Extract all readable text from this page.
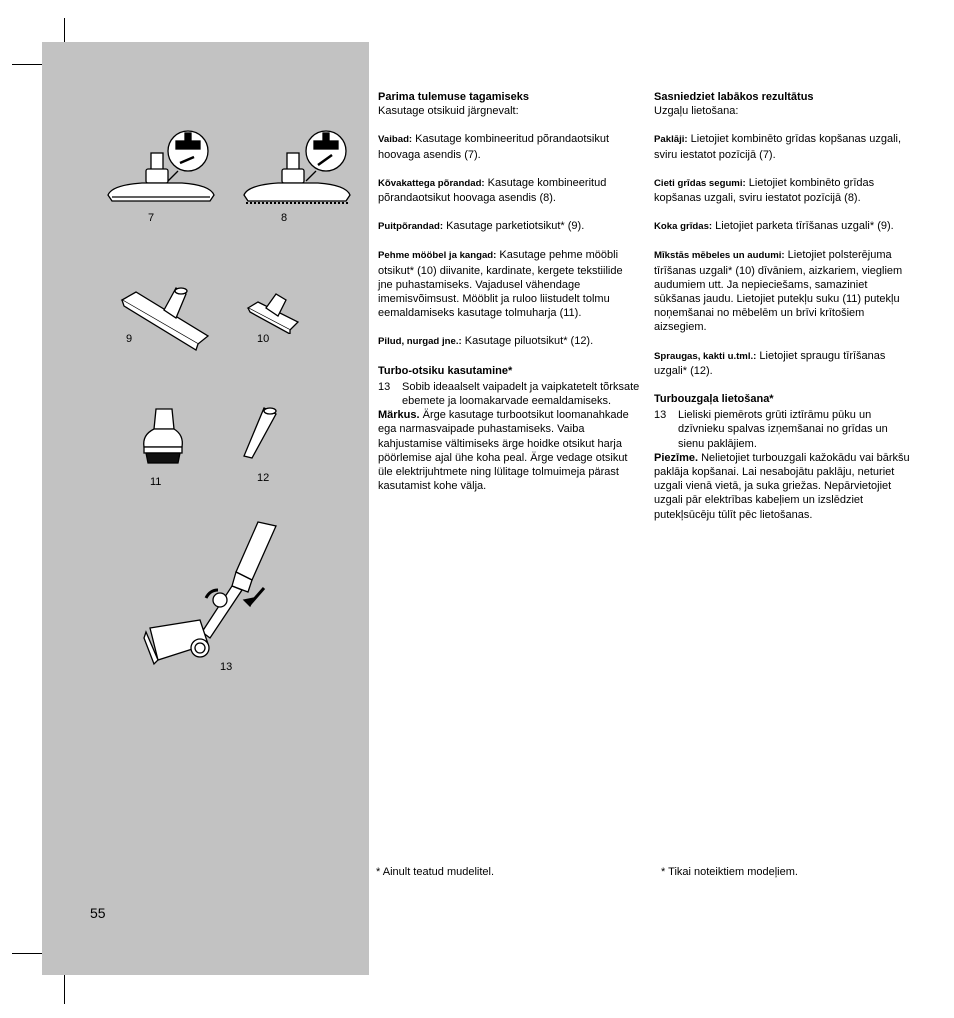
7	8
9	10
11	12
13
55
Parima tulemuse tagamiseks

Kasutage otsikuid järgnevalt:

Vaibad: Kasutage kombineeritud põrandaotsikut hoovaga asendis (7).

Kõvakattega põrandad: Kasutage kombineeritud põrandaotsikut hoovaga asendis (8).

Puitpõrandad: Kasutage parketiotsikut* (9).

Pehme mööbel ja kangad: Kasutage pehme mööbli otsikut* (10) diivanite, kardinate, kergete tekstiilide jne puhastamiseks. Vajadusel vähendage imemisvõimsust. Mööblit ja ruloo liistudelt tolmu eemaldamiseks kasutage tolmuharja (11).

Pilud, nurgad jne.: Kasutage piluotsikut* (12).

Turbo-otsiku kasutamine*
13	Sobib ideaalselt vaipadelt ja vaipkatetelt tõrksate ebemete ja loomakarvade eemaldamiseks.

Märkus. Ärge kasutage turbootsikut loomanahkade ega narmasvaipade puhastamiseks. Vaiba kahjustamise vältimiseks ärge hoidke otsikut harja pöörlemise ajal ühe koha peal. Ärge vedage otsikut üle elektrijuhtmete ning lülitage tolmuimeja pärast kasutamist kohe välja.

Sasniedziet labākos rezultātus

Uzgaļu lietošana:

Paklāji: Lietojiet kombinēto grīdas kopšanas uzgali, sviru iestatot pozīcijā (7).

Cieti grīdas segumi: Lietojiet kombinēto grīdas kopšanas uzgali, sviru iestatot pozīcijā (8).

Koka grīdas: Lietojiet parketa tīrīšanas uzgali* (9).

Mīkstās mēbeles un audumi: Lietojiet polsterējuma tīrīšanas uzgali* (10) dīvāniem, aizkariem, viegliem audumiem utt. Ja nepieciešams, samaziniet sūkšanas jaudu. Lietojiet putekļu suku (11) putekļu noņemšanai no mēbelēm un brīvi krītošiem aizsegiem.

Spraugas, kakti u.tml.: Lietojiet spraugu tīrīšanas uzgali* (12).

Turbouzgaļa lietošana*
13	Lieliski piemērots grūti iztīrāmu pūku un dzīvnieku spalvas izņemšanai no grīdas un sienu paklājiem.

Piezīme. Nelietojiet turbouzgali kažokādu vai bārkšu paklāja kopšanai. Lai nesabojātu paklāju, neturiet uzgali vienā vietā, ja suka griežas. Nepārvietojiet uzgali pār elektrības kabeļiem un izslēdziet putekļsūcēju tūlīt pēc lietošanas.

* Ainult teatud mudelitel.	* Tikai noteiktiem modeļiem.
